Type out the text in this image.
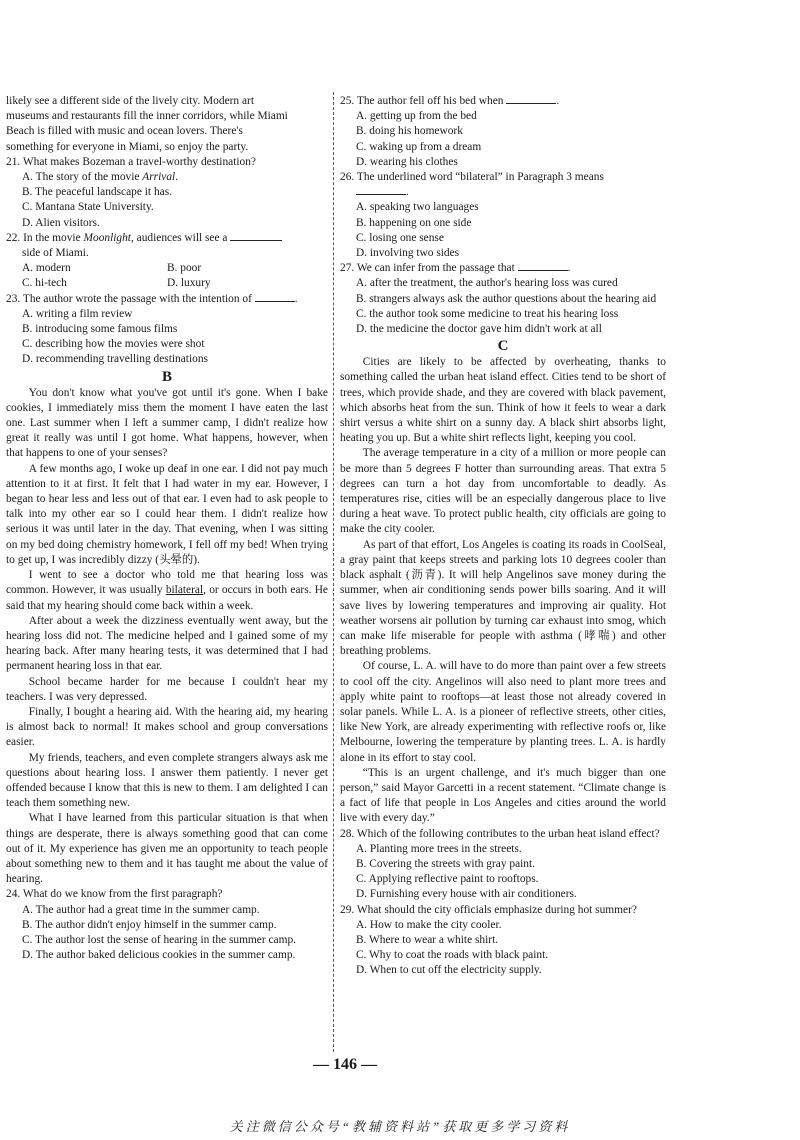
likely see a different side of the lively city. Modern art

museums and restaurants fill the inner corridors, while Miami

Beach is filled with music and ocean lovers. There's

something for everyone in Miami, so enjoy the party.

21. What makes Bozeman a travel-worthy destination?

A. The story of the movie Arrival.

B. The peaceful landscape it has.

C. Mantana State University.

D. Alien visitors.

22. In the movie Moonlight, audiences will see a
side of Miami.

A. modern	B. poor
C. hi-tech	D. luxury

23. The author wrote the passage with the intention of	.

A. writing a film review

B. introducing some famous films

C. describing how the movies were shot

D. recommending travelling destinations

B

You don't know what you've got until it's gone. When I bake cookies, I immediately miss them the moment I have eaten the last one. Last summer when I left a summer camp, I didn't realize how great it really was until I got home. What happens, however, when that happens to one of your senses?

A few months ago, I woke up deaf in one ear. I did not pay much attention to it at first. It felt that I had water in my ear. However, I began to hear less and less out of that ear. I even had to ask people to talk into my other ear so I could hear them. I didn't realize how serious it was until later in the day. That evening, when I was sitting on my bed doing chemistry homework, I fell off my bed! When trying to get up, I was incredibly dizzy (头晕的).

I went to see a doctor who told me that hearing loss was common. However, it was usually bilateral, or occurs in both ears. He said that my hearing should come back within a week.

After about a week the dizziness eventually went away, but the hearing loss did not. The medicine helped and I gained some of my hearing back. After many hearing tests, it was determined that I had permanent hearing loss in that ear.

School became harder for me because I couldn't hear my teachers. I was very depressed.

Finally, I bought a hearing aid. With the hearing aid, my hearing is almost back to normal! It makes school and group conversations easier.

My friends, teachers, and even complete strangers always ask me questions about hearing loss. I answer them patiently. I never get offended because I know that this is new to them. I am delighted I can teach them something new.

What I have learned from this particular situation is that when things are desperate, there is always something good that can come out of it. My experience has given me an opportunity to teach people about something new to them and it has taught me about the value of hearing.

24. What do we know from the first paragraph?

A. The author had a great time in the summer camp.

B. The author didn't enjoy himself in the summer camp.

C. The author lost the sense of hearing in the summer camp.

D. The author baked delicious cookies in the summer camp.

25. The author fell off his bed when	.

A. getting up from the bed

B. doing his homework

C. waking up from a dream

D. wearing his clothes

26. The underlined word “bilateral” in Paragraph 3 means
.

A. speaking two languages

B. happening on one side

C. losing one sense

D. involving two sides

27. We can infer from the passage that	.

A. after the treatment, the author's hearing loss was cured

B. strangers always ask the author questions about the hearing aid

C. the author took some medicine to treat his hearing loss

D. the medicine the doctor gave him didn't work at all

C

Cities are likely to be affected by overheating, thanks to something called the urban heat island effect. Cities tend to be short of trees, which provide shade, and they are covered with black pavement, which absorbs heat from the sun. Think of how it feels to wear a dark shirt versus a white shirt on a sunny day. A black shirt absorbs light, heating you up. But a white shirt reflects light, keeping you cool.

The average temperature in a city of a million or more people can be more than 5 degrees F hotter than surrounding areas. That extra 5 degrees can turn a hot day from uncomfortable to deadly. As temperatures rise, cities will be an especially dangerous place to live during a heat wave. To protect public health, city officials are going to make the city cooler.

As part of that effort, Los Angeles is coating its roads in CoolSeal, a gray paint that keeps streets and parking lots 10 degrees cooler than black asphalt (沥青). It will help Angelinos save money during the summer, when air conditioning sends power bills soaring. And it will save lives by lowering temperatures and improving air quality. Hot weather worsens air pollution by turning car exhaust into smog, which can make life miserable for people with asthma (哮喘) and other breathing problems.

Of course, L. A. will have to do more than paint over a few streets to cool off the city. Angelinos will also need to plant more trees and apply white paint to rooftops—at least those not already covered in solar panels. While L. A. is a pioneer of reflective streets, other cities, like New York, are already experimenting with reflective roofs or, like Melbourne, lowering the temperature by planting trees. L. A. is hardly alone in its effort to stay cool.

“This is an urgent challenge, and it's much bigger than one person,” said Mayor Garcetti in a recent statement. “Climate change is a fact of life that people in Los Angeles and cities around the world live with every day.”

28. Which of the following contributes to the urban heat island effect?

A. Planting more trees in the streets.

B. Covering the streets with gray paint.

C. Applying reflective paint to rooftops.

D. Furnishing every house with air conditioners.

29. What should the city officials emphasize during hot summer?

A. How to make the city cooler.

B. Where to wear a white shirt.

C. Why to coat the roads with black paint.

D. When to cut off the electricity supply.

— 146 —
关注微信公众号“教辅资料站”获取更多学习资料
